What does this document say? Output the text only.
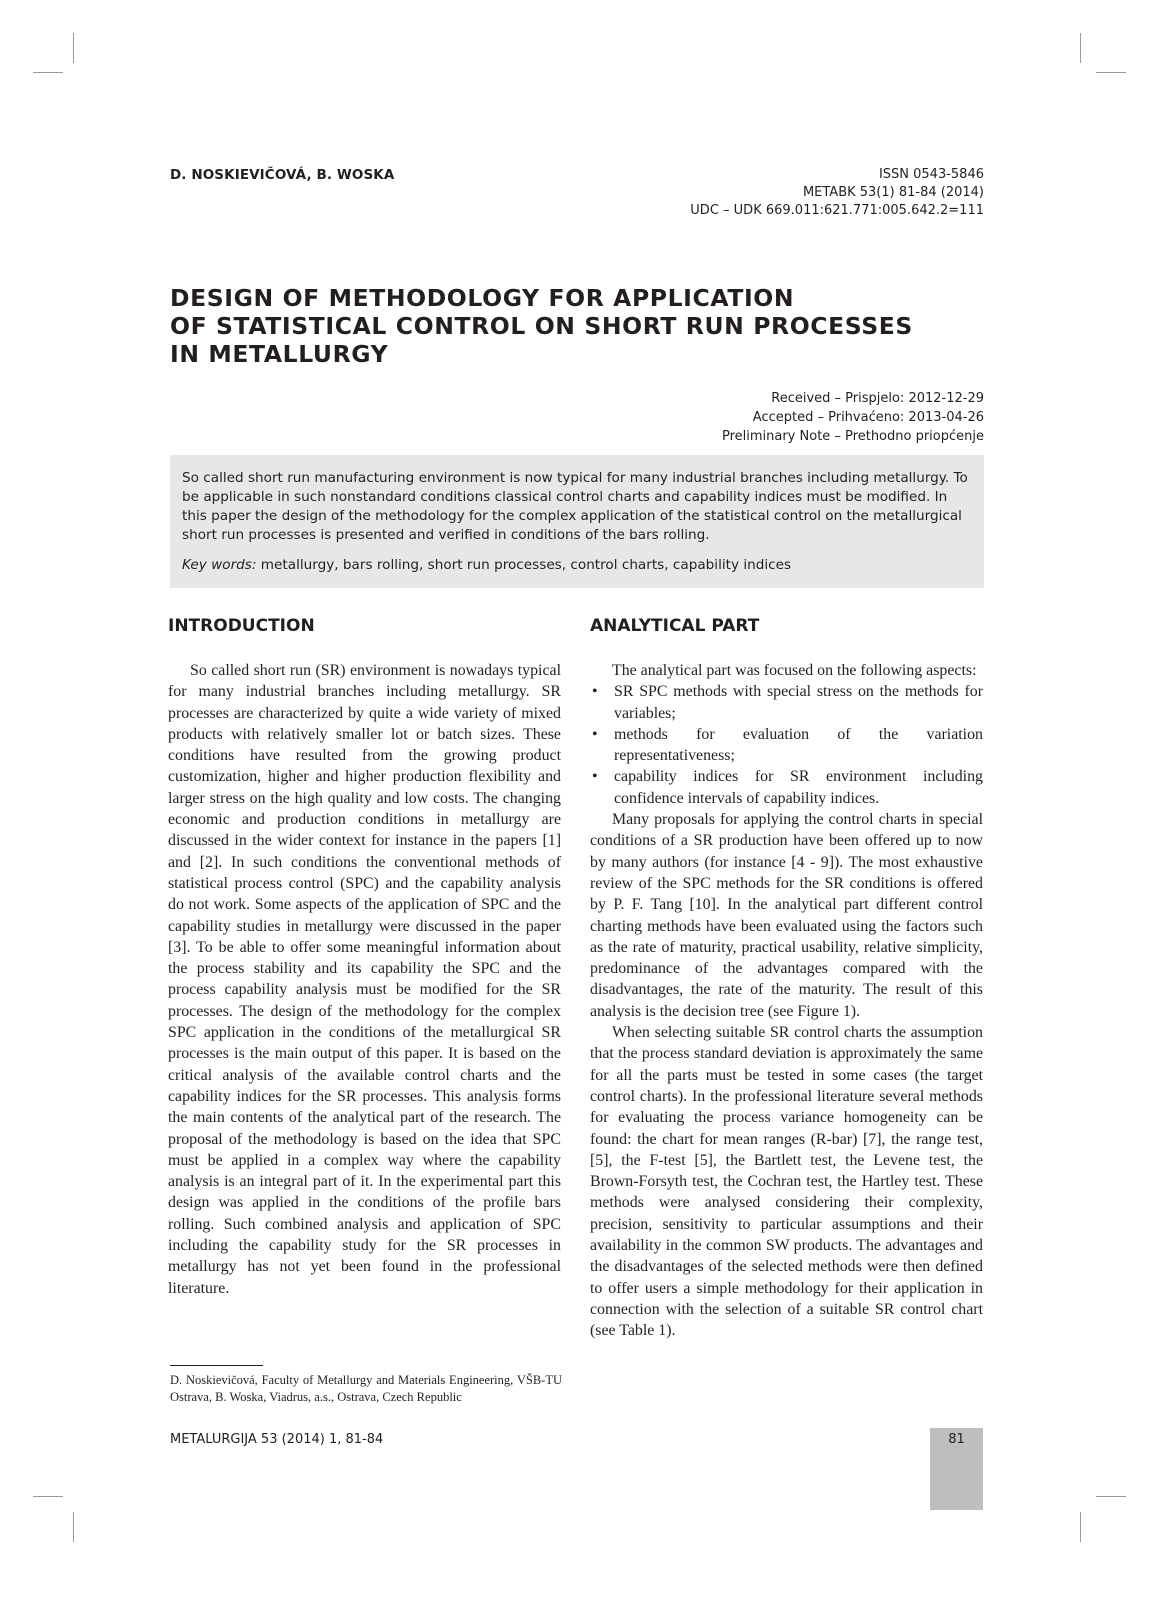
D. NOSKIEVIČOVÁ, B. WOSKA	ISSN 0543-5846
METABK 53(1) 81-84 (2014)
UDC – UDK 669.011:621.771:005.642.2=111
DESIGN OF METHODOLOGY FOR APPLICATION
OF STATISTICAL CONTROL ON SHORT RUN PROCESSES
IN METALLURGY
Received – Prispjelo: 2012-12-29
Accepted – Prihvaćeno: 2013-04-26
Preliminary Note – Prethodno priopćenje

So called short run manufacturing environment is now typical for many industrial branches including metallurgy. To be applicable in such nonstandard conditions classical control charts and capability indices must be modified. In this paper the design of the methodology for the complex application of the statistical control on the metallurgical short run processes is presented and verified in conditions of the bars rolling.

Key words: metallurgy, bars rolling, short run processes, control charts, capability indices

INTRODUCTION

So called short run (SR) environment is nowadays typical for many industrial branches including metallurgy. SR processes are characterized by quite a wide variety of mixed products with relatively smaller lot or batch sizes. These conditions have resulted from the growing product customization, higher and higher production flexibility and larger stress on the high quality and low costs. The changing economic and production conditions in metallurgy are discussed in the wider context for instance in the papers [1] and [2]. In such conditions the conventional methods of statistical process control (SPC) and the capability analysis do not work. Some aspects of the application of SPC and the capability studies in metallurgy were discussed in the paper [3]. To be able to offer some meaningful information about the process stability and its capability the SPC and the process capability analysis must be modified for the SR processes. The design of the methodology for the complex SPC application in the conditions of the metallurgical SR processes is the main output of this paper. It is based on the critical analysis of the available control charts and the capability indices for the SR processes. This analysis forms the main contents of the analytical part of the research. The proposal of the methodology is based on the idea that SPC must be applied in a complex way where the capability analysis is an integral part of it. In the experimental part this design was applied in the conditions of the profile bars rolling. Such combined analysis and application of SPC including the capability study for the SR processes in metallurgy has not yet been found in the professional literature.

ANALYTICAL PART

The analytical part was focused on the following aspects:

• SR SPC methods with special stress on the methods for variables;
• methods for evaluation of the variation representativeness;
• capability indices for SR environment including confidence intervals of capability indices.

Many proposals for applying the control charts in special conditions of a SR production have been offered up to now by many authors (for instance [4 - 9]). The most exhaustive review of the SPC methods for the SR conditions is offered by P. F. Tang [10]. In the analytical part different control charting methods have been evaluated using the factors such as the rate of maturity, practical usability, relative simplicity, predominance of the advantages compared with the disadvantages, the rate of the maturity. The result of this analysis is the decision tree (see Figure 1).

When selecting suitable SR control charts the assumption that the process standard deviation is approximately the same for all the parts must be tested in some cases (the target control charts). In the professional literature several methods for evaluating the process variance homogeneity can be found: the chart for mean ranges (R-bar) [7], the range test, [5], the F-test [5], the Bartlett test, the Levene test, the Brown-Forsyth test, the Cochran test, the Hartley test. These methods were analysed considering their complexity, precision, sensitivity to particular assumptions and their availability in the common SW products. The advantages and the disadvantages of the selected methods were then defined to offer users a simple methodology for their application in connection with the selection of a suitable SR control chart (see Table 1).

D. Noskievičová, Faculty of Metallurgy and Materials Engineering, VŠB-TU Ostrava, B. Woska, Viadrus, a.s., Ostrava, Czech Republic
METALURGIJA 53 (2014) 1, 81-84	81
